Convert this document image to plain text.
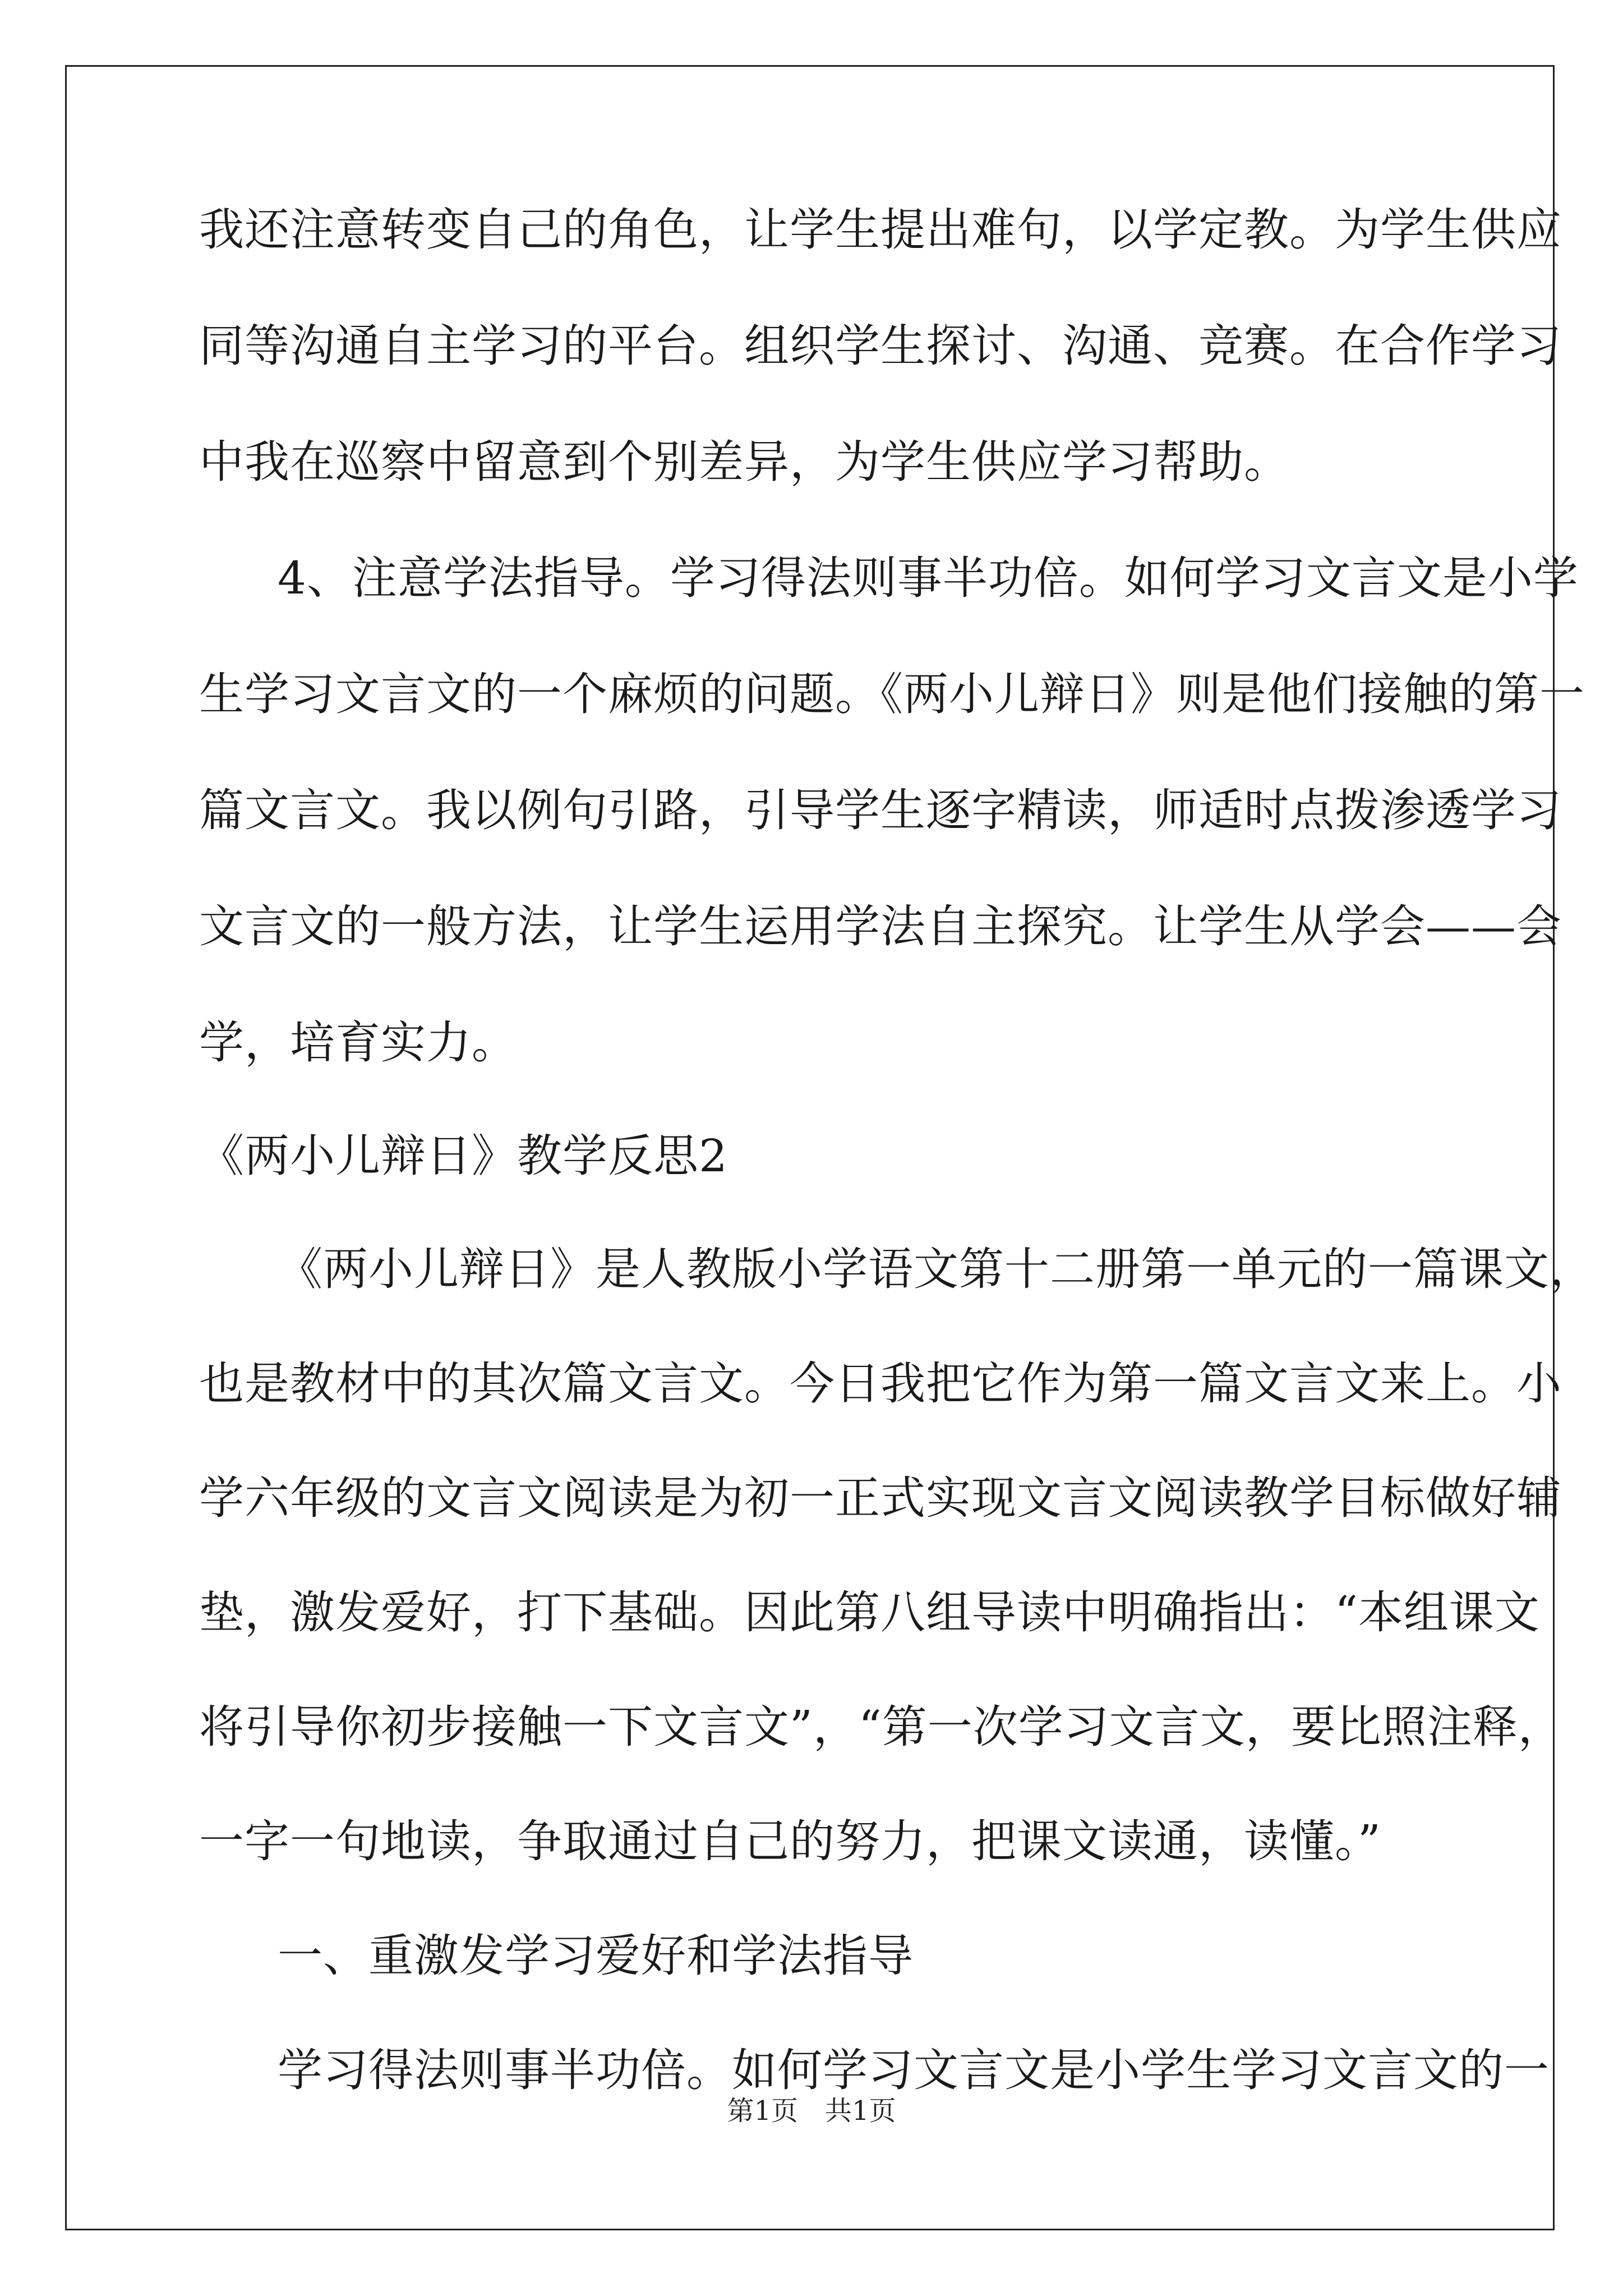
我还注意转变自己的角色，让学生提出难句，以学定教。为学生供应
同等沟通自主学习的平台。组织学生探讨、沟通、竞赛。在合作学习
中我在巡察中留意到个别差异，为学生供应学习帮助。
4、注意学法指导。学习得法则事半功倍。如何学习文言文是小学
生学习文言文的一个麻烦的问题。《两小儿辩日》则是他们接触的第一
篇文言文。我以例句引路，引导学生逐字精读，师适时点拨渗透学习
文言文的一般方法，让学生运用学法自主探究。让学生从学会——会
学，培育实力。
《两小儿辩日》教学反思2
《两小儿辩日》是人教版小学语文第十二册第一单元的一篇课文，
也是教材中的其次篇文言文。今日我把它作为第一篇文言文来上。小
学六年级的文言文阅读是为初一正式实现文言文阅读教学目标做好辅
垫，激发爱好，打下基础。因此第八组导读中明确指出：“本组课文
将引导你初步接触一下文言文”，“第一次学习文言文，要比照注释，
一字一句地读，争取通过自己的努力，把课文读通，读懂。”
一、重激发学习爱好和学法指导
学习得法则事半功倍。如何学习文言文是小学生学习文言文的一
第1页　共1页
